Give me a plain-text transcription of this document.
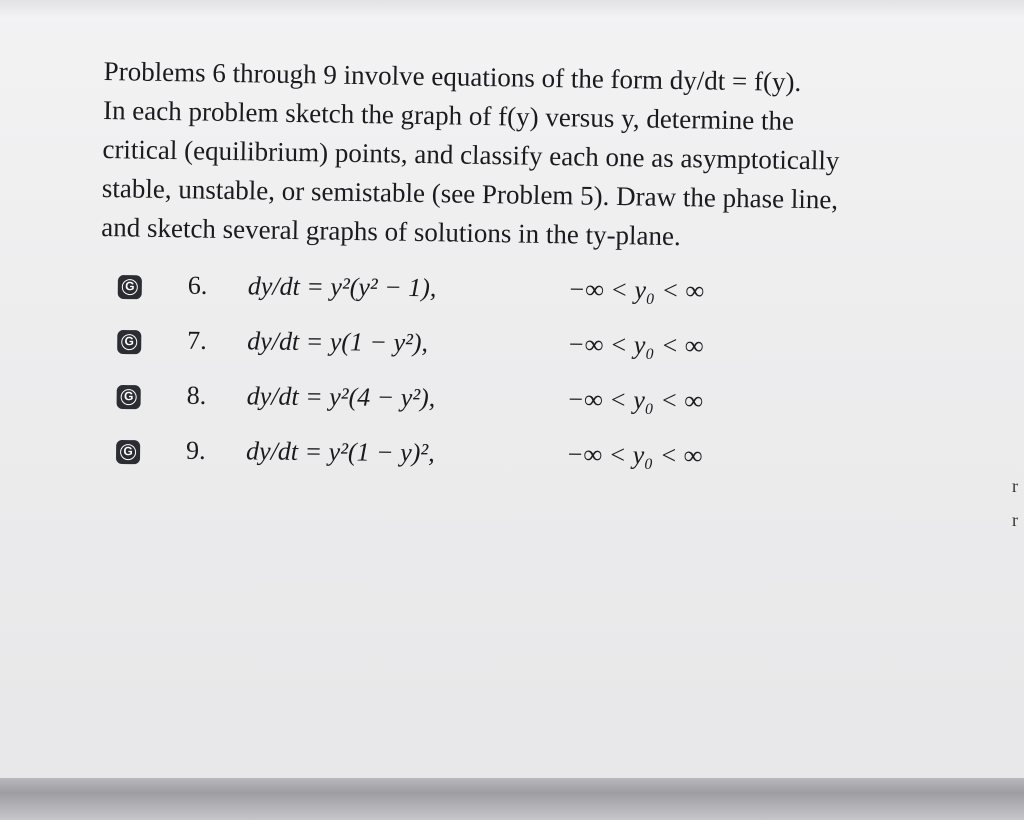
Problems 6 through 9 involve equations of the form dy/dt = f(y).

In each problem sketch the graph of f(y) versus y, determine the

critical (equilibrium) points, and classify each one as asymptotically

stable, unstable, or semistable (see Problem 5). Draw the phase line,

and sketch several graphs of solutions in the ty-plane.

G 6. dy/dt = y²(y² − 1),	−∞ < y₀ < ∞
G 7. dy/dt = y(1 − y²),	−∞ < y₀ < ∞
G 8. dy/dt = y²(4 − y²),	−∞ < y₀ < ∞
G 9. dy/dt = y²(1 − y)²,	−∞ < y₀ < ∞
r
r
